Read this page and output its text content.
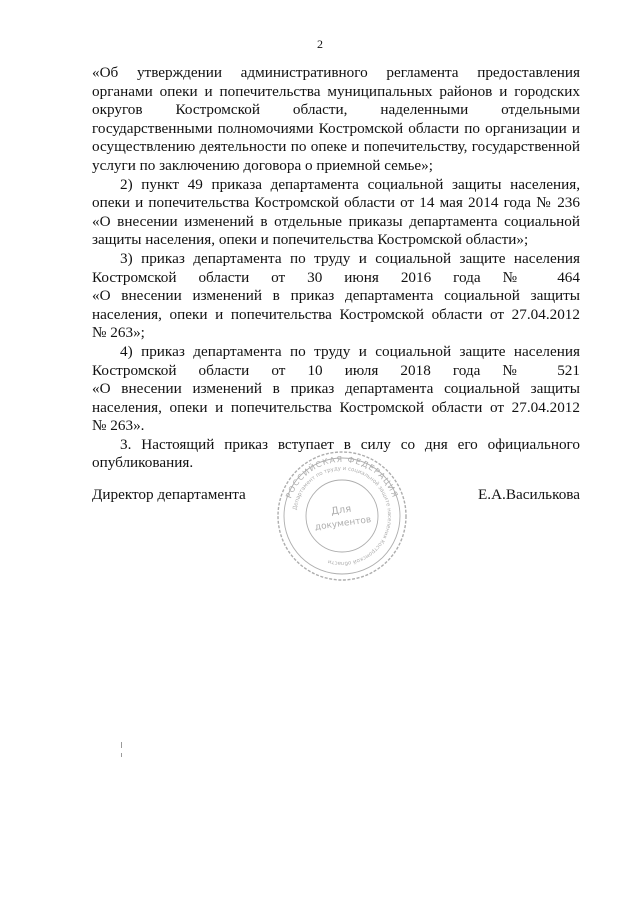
2

«Об утверждении административного регламента предоставления
органами опеки и попечительства муниципальных районов и городских
округов Костромской области, наделенными отдельными
государственными полномочиями Костромской области по организации и
осуществлению деятельности по опеке и попечительству, государственной
услуги по заключению договора о приемной семье»;

2) пункт 49 приказа департамента социальной защиты населения,
опеки и попечительства Костромской области от 14 мая 2014 года № 236
«О внесении изменений в отдельные приказы департамента социальной
защиты населения, опеки и попечительства Костромской области»;

3) приказ департамента по труду и социальной защите населения
Костромской области от 30 июня 2016 года № 464
«О внесении изменений в приказ департамента социальной защиты
населения, опеки и попечительства Костромской области от 27.04.2012
№ 263»;

4) приказ департамента по труду и социальной защите населения
Костромской области от 10 июля 2018 года № 521
«О внесении изменений в приказ департамента социальной защиты
населения, опеки и попечительства Костромской области от 27.04.2012
№ 263».

3. Настоящий приказ вступает в силу со дня его официального
опубликования.

Директор департамента	Е.А.Василькова
РОССИЙСКАЯ ФЕДЕРАЦИЯ
Департамент по труду и социальной защите населения Костромской области
Для
документов
